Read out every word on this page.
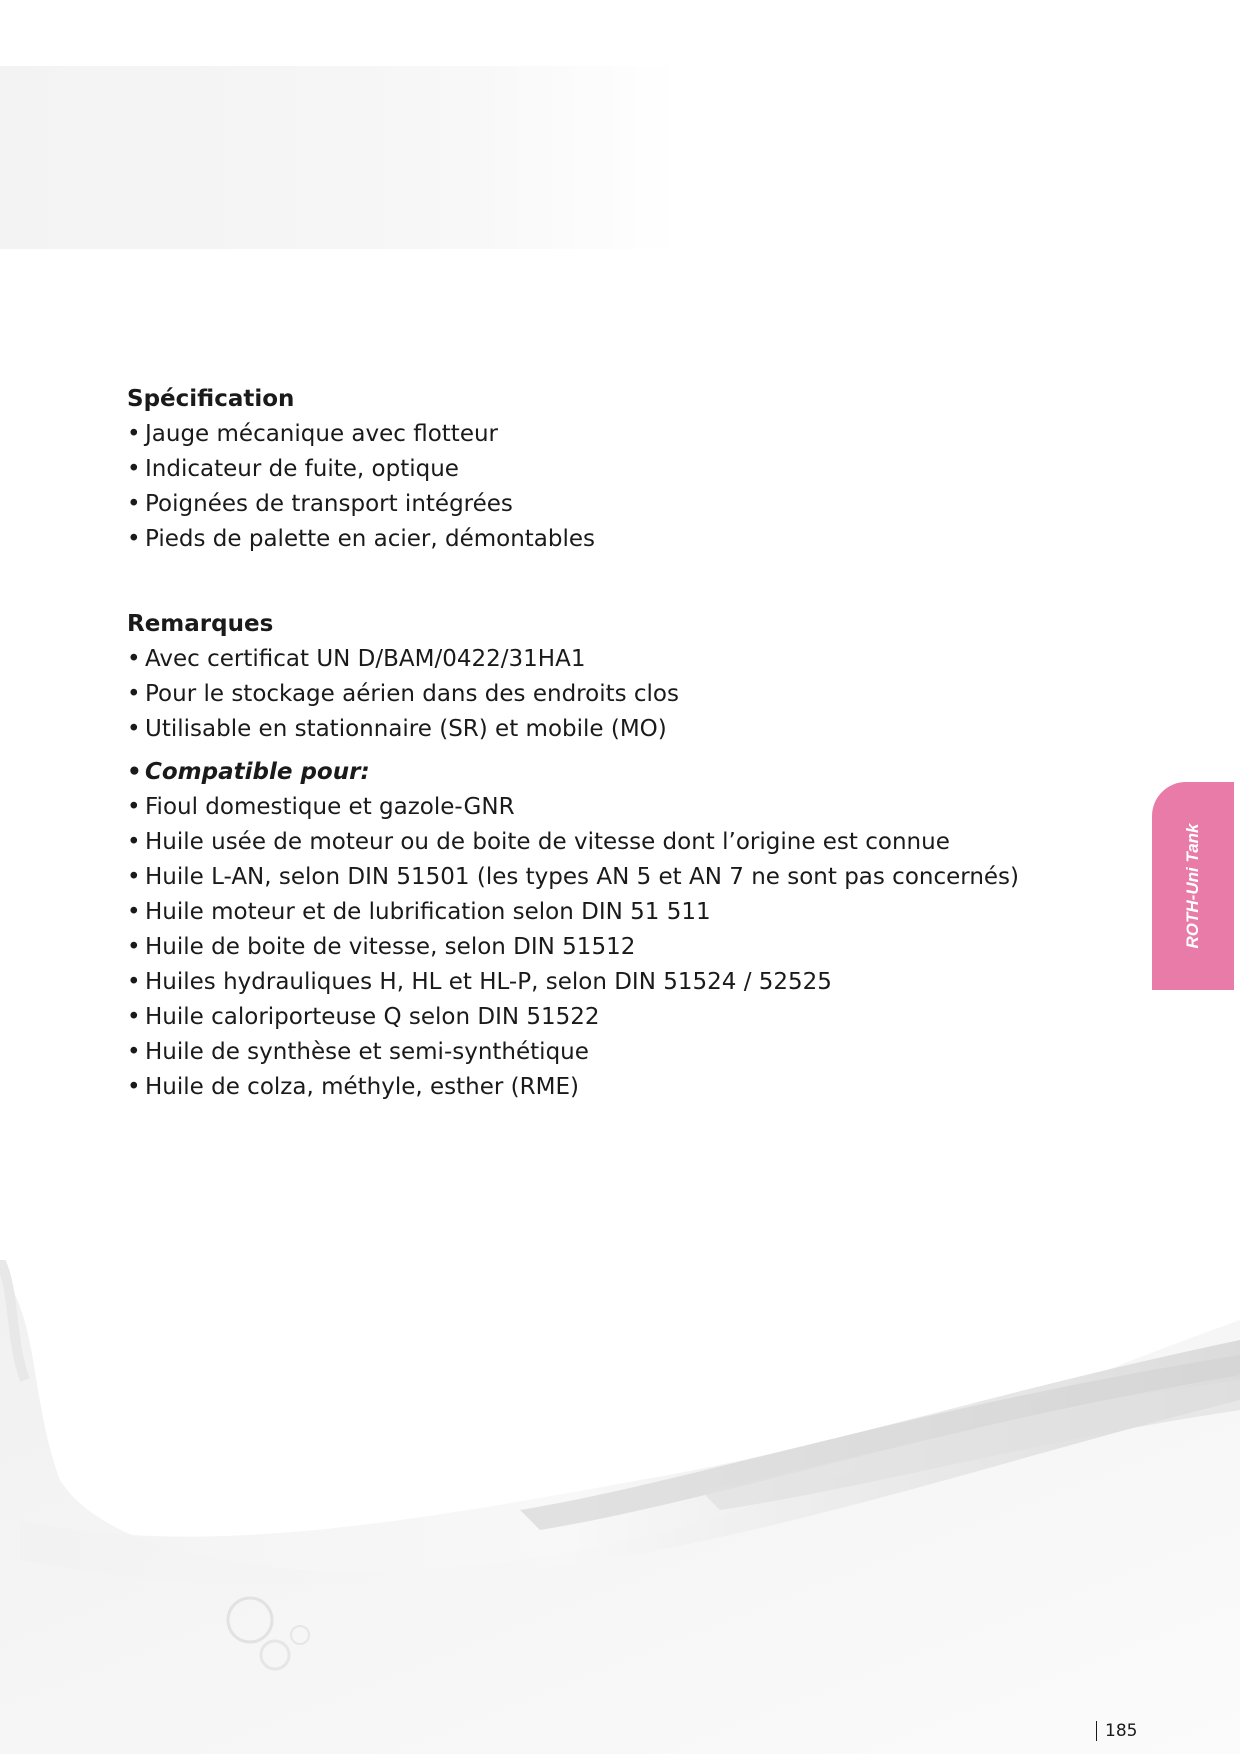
Spécification
• Jauge mécanique avec flotteur
• Indicateur de fuite, optique
• Poignées de transport intégrées
• Pieds de palette en acier, démontables
Remarques
• Avec certificat UN D/BAM/0422/31HA1
• Pour le stockage aérien dans des endroits clos
• Utilisable en stationnaire (SR) et mobile (MO)
• Compatible pour:
• Fioul domestique et gazole-GNR
• Huile usée de moteur ou de boite de vitesse dont l’origine est connue
• Huile L-AN, selon DIN 51501 (les types AN 5 et AN 7 ne sont pas concernés)
• Huile moteur et de lubrification selon DIN 51 511
• Huile de boite de vitesse, selon DIN 51512
• Huiles hydrauliques H, HL et HL-P, selon DIN 51524 / 52525
• Huile caloriporteuse Q selon DIN 51522
• Huile de synthèse et semi-synthétique
• Huile de colza, méthyle, esther (RME)
ROTH-Uni Tank
185
